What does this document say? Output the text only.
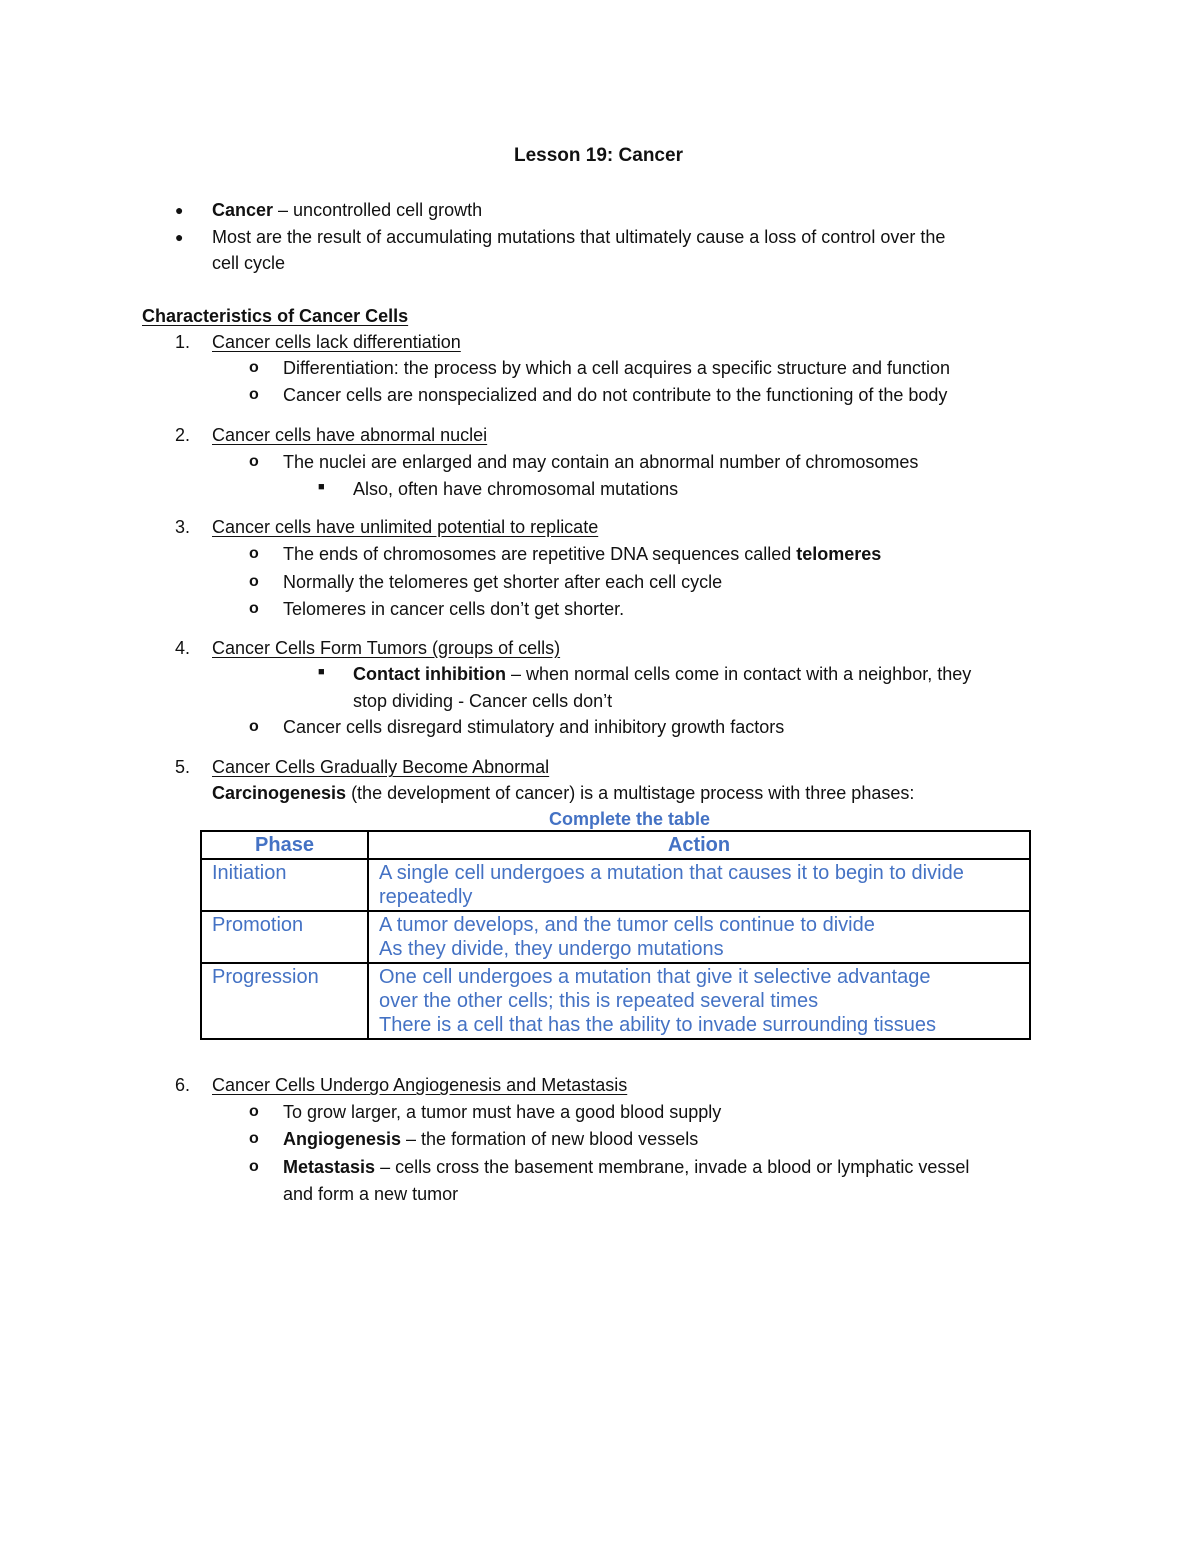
Lesson 19: Cancer
● Cancer – uncontrolled cell growth
● Most are the result of accumulating mutations that ultimately cause a loss of control over the
cell cycle
Characteristics of Cancer Cells
1. Cancer cells lack differentiation
o Differentiation: the process by which a cell acquires a specific structure and function
o Cancer cells are nonspecialized and do not contribute to the functioning of the body
2. Cancer cells have abnormal nuclei
o The nuclei are enlarged and may contain an abnormal number of chromosomes
■ Also, often have chromosomal mutations
3. Cancer cells have unlimited potential to replicate
o The ends of chromosomes are repetitive DNA sequences called telomeres
o Normally the telomeres get shorter after each cell cycle
o Telomeres in cancer cells don’t get shorter.
4. Cancer Cells Form Tumors (groups of cells)
■ Contact inhibition – when normal cells come in contact with a neighbor, they
stop dividing - Cancer cells don’t
o Cancer cells disregard stimulatory and inhibitory growth factors
5. Cancer Cells Gradually Become Abnormal
Carcinogenesis (the development of cancer) is a multistage process with three phases:
Complete the table
Phase	Action
Initiation	A single cell undergoes a mutation that causes it to begin to divide
repeatedly

Promotion	A tumor develops, and the tumor cells continue to divide
As they divide, they undergo mutations

Progression	One cell undergoes a mutation that give it selective advantage
over the other cells; this is repeated several times
There is a cell that has the ability to invade surrounding tissues
6. Cancer Cells Undergo Angiogenesis and Metastasis
o To grow larger, a tumor must have a good blood supply
o Angiogenesis – the formation of new blood vessels
o Metastasis – cells cross the basement membrane, invade a blood or lymphatic vessel
and form a new tumor
